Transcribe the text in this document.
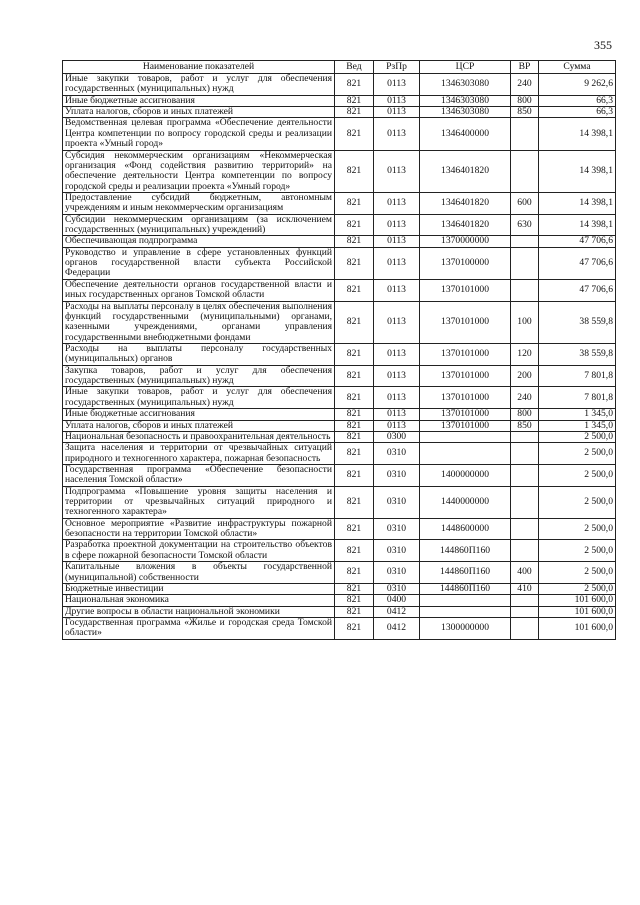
355
Наименование показателей	Вед	РзПр	ЦСР	ВР	Сумма
Иные закупки товаров, работ и услуг для обеспечения государственных (муниципальных) нужд	821	0113	1346303080	240	9 262,6
Иные бюджетные ассигнования	821	0113	1346303080	800	66,3
Уплата налогов, сборов и иных платежей	821	0113	1346303080	850	66,3
Ведомственная целевая программа «Обеспечение деятельности Центра компетенции по вопросу городской среды и реализации проекта «Умный город»	821	0113	1346400000		14 398,1
Субсидия некоммерческим организациям «Некоммерческая организация «Фонд содействия развитию территорий» на обеспечение деятельности Центра компетенции по вопросу городской среды и реализации проекта «Умный город»	821	0113	1346401820		14 398,1
Предоставление субсидий бюджетным, автономным учреждениям и иным некоммерческим организациям	821	0113	1346401820	600	14 398,1
Субсидии некоммерческим организациям (за исключением государственных (муниципальных) учреждений)	821	0113	1346401820	630	14 398,1
Обеспечивающая подпрограмма	821	0113	1370000000		47 706,6
Руководство и управление в сфере установленных функций органов государственной власти субъекта Российской Федерации	821	0113	1370100000		47 706,6
Обеспечение деятельности органов государственной власти и иных государственных органов Томской области	821	0113	1370101000		47 706,6
Расходы на выплаты персоналу в целях обеспечения выполнения функций государственными (муниципальными) органами, казенными учреждениями, органами управления государственными внебюджетными фондами	821	0113	1370101000	100	38 559,8
Расходы на выплаты персоналу государственных (муниципальных) органов	821	0113	1370101000	120	38 559,8
Закупка товаров, работ и услуг для обеспечения государственных (муниципальных) нужд	821	0113	1370101000	200	7 801,8
Иные закупки товаров, работ и услуг для обеспечения государственных (муниципальных) нужд	821	0113	1370101000	240	7 801,8
Иные бюджетные ассигнования	821	0113	1370101000	800	1 345,0
Уплата налогов, сборов и иных платежей	821	0113	1370101000	850	1 345,0
Национальная безопасность и правоохранительная деятельность	821	0300			2 500,0
Защита населения и территории от чрезвычайных ситуаций природного и техногенного характера, пожарная безопасность	821	0310			2 500,0
Государственная программа «Обеспечение безопасности населения Томской области»	821	0310	1400000000		2 500,0
Подпрограмма «Повышение уровня защиты населения и территории от чрезвычайных ситуаций природного и техногенного характера»	821	0310	1440000000		2 500,0
Основное мероприятие «Развитие инфраструктуры пожарной безопасности на территории Томской области»	821	0310	1448600000		2 500,0
Разработка проектной документации на строительство объектов в сфере пожарной безопасности Томской области	821	0310	144860П160		2 500,0
Капитальные вложения в объекты государственной (муниципальной) собственности	821	0310	144860П160	400	2 500,0
Бюджетные инвестиции	821	0310	144860П160	410	2 500,0
Национальная экономика	821	0400			101 600,0
Другие вопросы в области национальной экономики	821	0412			101 600,0
Государственная программа «Жилье и городская среда Томской области»	821	0412	1300000000		101 600,0
